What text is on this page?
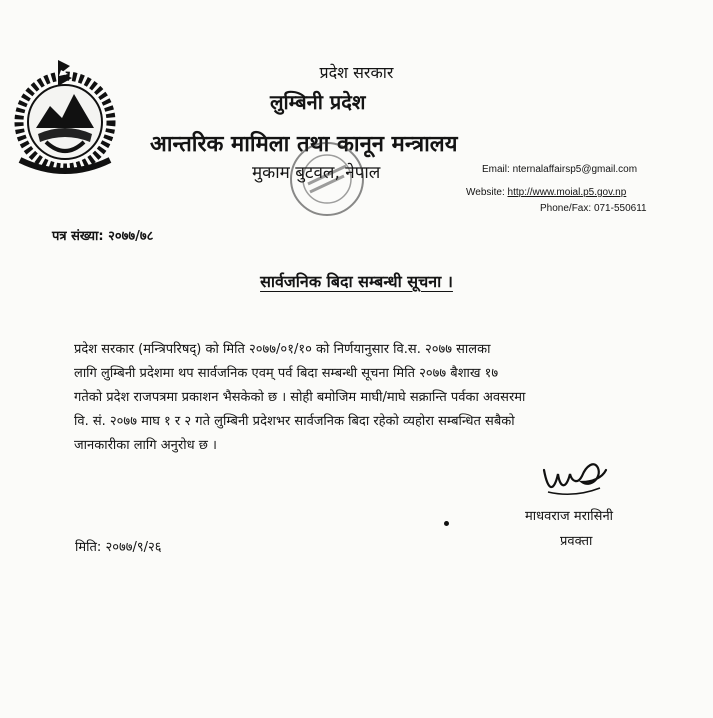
प्रदेश सरकार
लुम्बिनी प्रदेश
आन्तरिक मामिला तथा कानून मन्त्रालय
मुकाम बुटवल, नेपाल	Email: nternalaffairsp5@gmail.com
Website: http://www.moial.p5.gov.np
Phone/Fax: 071-550611
पत्र संख्या: २०७७/७८
सार्वजनिक बिदा सम्बन्धी सूचना ।
प्रदेश सरकार (मन्त्रिपरिषद्) को मिति २०७७/०१/१० को निर्णयानुसार वि.स. २०७७ सालका
लागि लुम्बिनी प्रदेशमा थप सार्वजनिक एवम् पर्व बिदा सम्बन्धी सूचना मिति २०७७ बैशाख १७
गतेको प्रदेश राजपत्रमा प्रकाशन भैसकेको छ । सोही बमोजिम माघी/माघे सक्रान्ति पर्वका अवसरमा
वि. सं. २०७७ माघ १ र २ गते लुम्बिनी प्रदेशभर सार्वजनिक बिदा रहेको व्यहोरा सम्बन्धित सबैको
जानकारीका लागि अनुरोध छ ।
माधवराज मरासिनी
प्रवक्ता
मिति: २०७७/९/२६
